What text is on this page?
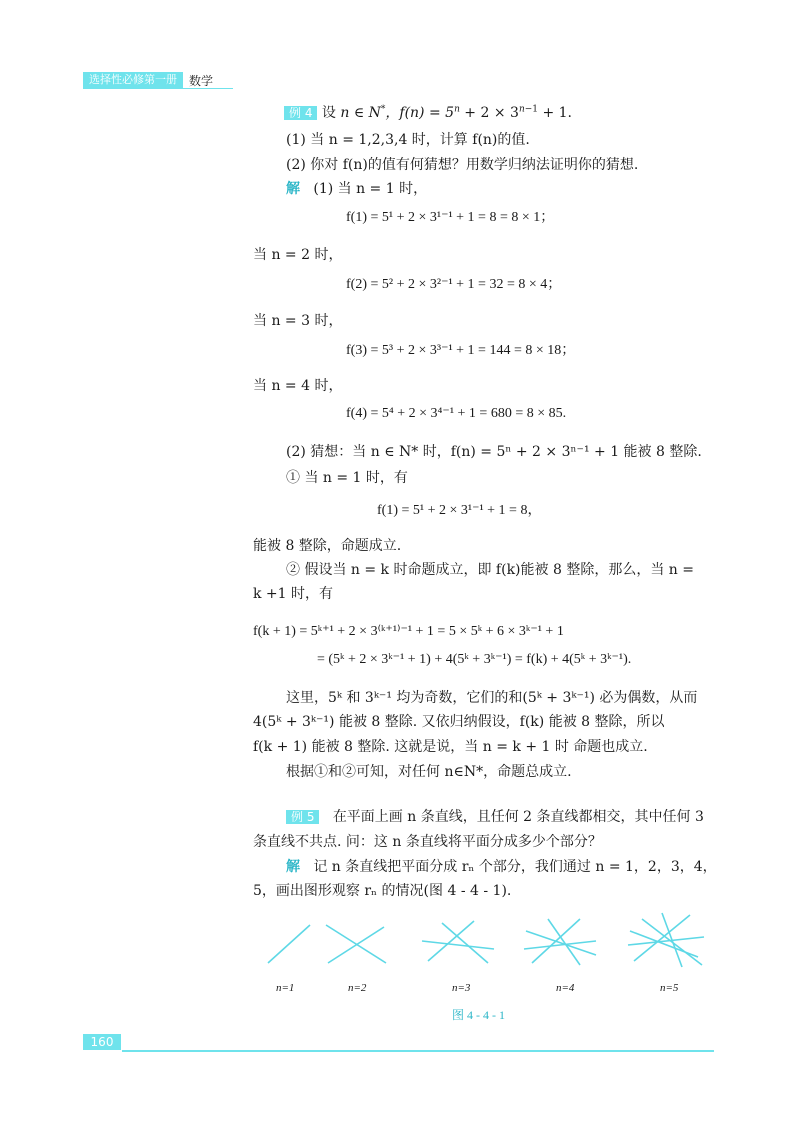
选择性必修第一册	数学
例 4 设 n ∈ N*，$f(n) = 5^n + 2 \times 3^{n-1} + 1$.
(1) 当 n = 1,2,3,4 时，计算 f(n)的值.
(2) 你对 f(n)的值有何猜想？用数学归纳法证明你的猜想.
解 (1) 当 n = 1 时，
f(1) = 5¹ + 2 × 3¹⁻¹ + 1 = 8 = 8 × 1；
当 n = 2 时，
f(2) = 5² + 2 × 3²⁻¹ + 1 = 32 = 8 × 4；
当 n = 3 时，
f(3) = 5³ + 2 × 3³⁻¹ + 1 = 144 = 8 × 18；
当 n = 4 时，
f(4) = 5⁴ + 2 × 3⁴⁻¹ + 1 = 680 = 8 × 85.
(2) 猜想：当 n ∈ N* 时，f(n) = 5ⁿ + 2 × 3ⁿ⁻¹ + 1 能被 8 整除.
① 当 n = 1 时，有
f(1) = 5¹ + 2 × 3¹⁻¹ + 1 = 8，
能被 8 整除，命题成立.
② 假设当 n = k 时命题成立，即 f(k)能被 8 整除，那么，当 n =
k +1 时，有
f(k + 1) = 5ᵏ⁺¹ + 2 × 3⁽ᵏ⁺¹⁾⁻¹ + 1 = 5 × 5ᵏ + 6 × 3ᵏ⁻¹ + 1
= (5ᵏ + 2 × 3ᵏ⁻¹ + 1) + 4(5ᵏ + 3ᵏ⁻¹) = f(k) + 4(5ᵏ + 3ᵏ⁻¹).
这里，5ᵏ 和 3ᵏ⁻¹ 均为奇数，它们的和(5ᵏ + 3ᵏ⁻¹) 必为偶数，从而
4(5ᵏ + 3ᵏ⁻¹) 能被 8 整除. 又依归纳假设，f(k) 能被 8 整除，所以
f(k + 1) 能被 8 整除. 这就是说，当 n = k + 1 时 命题也成立.
根据①和②可知，对任何 n∈N*，命题总成立.
例 5 在平面上画 n 条直线，且任何 2 条直线都相交，其中任何 3
条直线不共点. 问：这 n 条直线将平面分成多少个部分？
解 记 n 条直线把平面分成 rₙ 个部分，我们通过 n = 1，2，3，4，
5，画出图形观察 rₙ 的情况(图 4 - 4 - 1).
n=1	n=2	n=3	n=4	n=5
图 4 - 4 - 1
160
